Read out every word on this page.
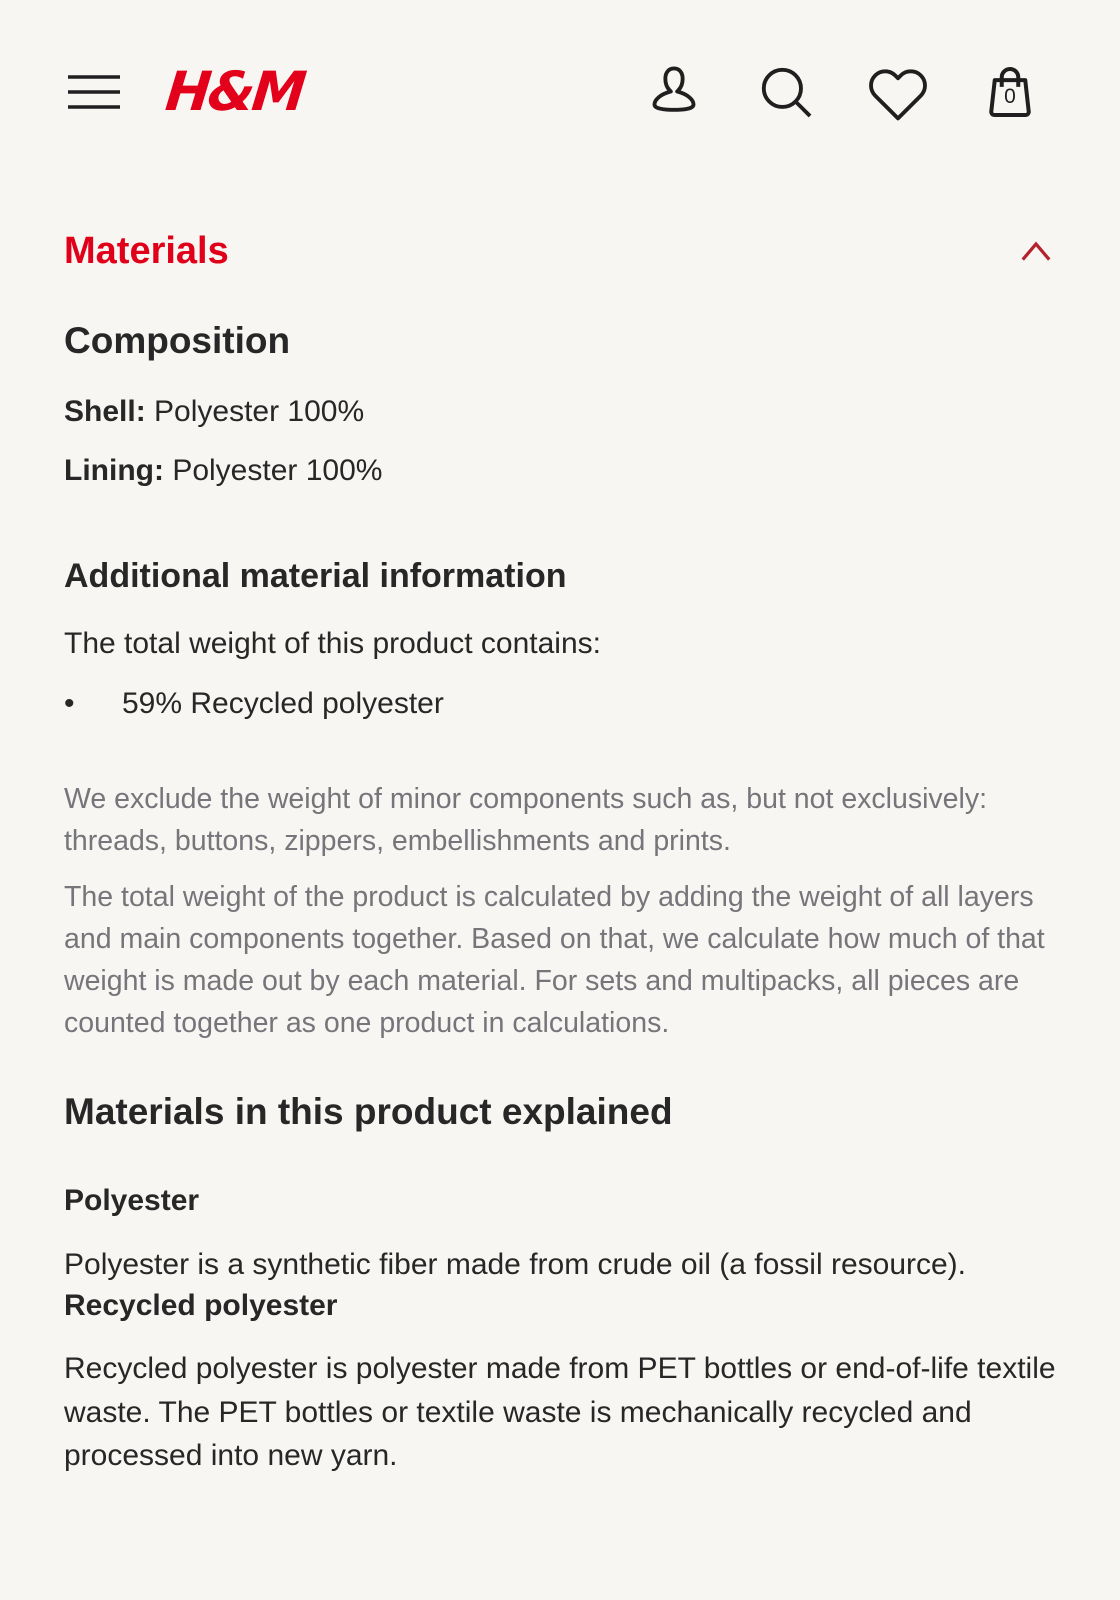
H&M	0
Materials
Composition

Shell: Polyester 100%

Lining: Polyester 100%

Additional material information

The total weight of this product contains:

•	59% Recycled polyester

We exclude the weight of minor components such as, but not exclusively: threads, buttons, zippers, embellishments and prints.

The total weight of the product is calculated by adding the weight of all layers and main components together. Based on that, we calculate how much of that weight is made out by each material. For sets and multipacks, all pieces are counted together as one product in calculations.

Materials in this product explained

Polyester

Polyester is a synthetic fiber made from crude oil (a fossil resource).

Recycled polyester

Recycled polyester is polyester made from PET bottles or end-of-life textile waste. The PET bottles or textile waste is mechanically recycled and processed into new yarn.
